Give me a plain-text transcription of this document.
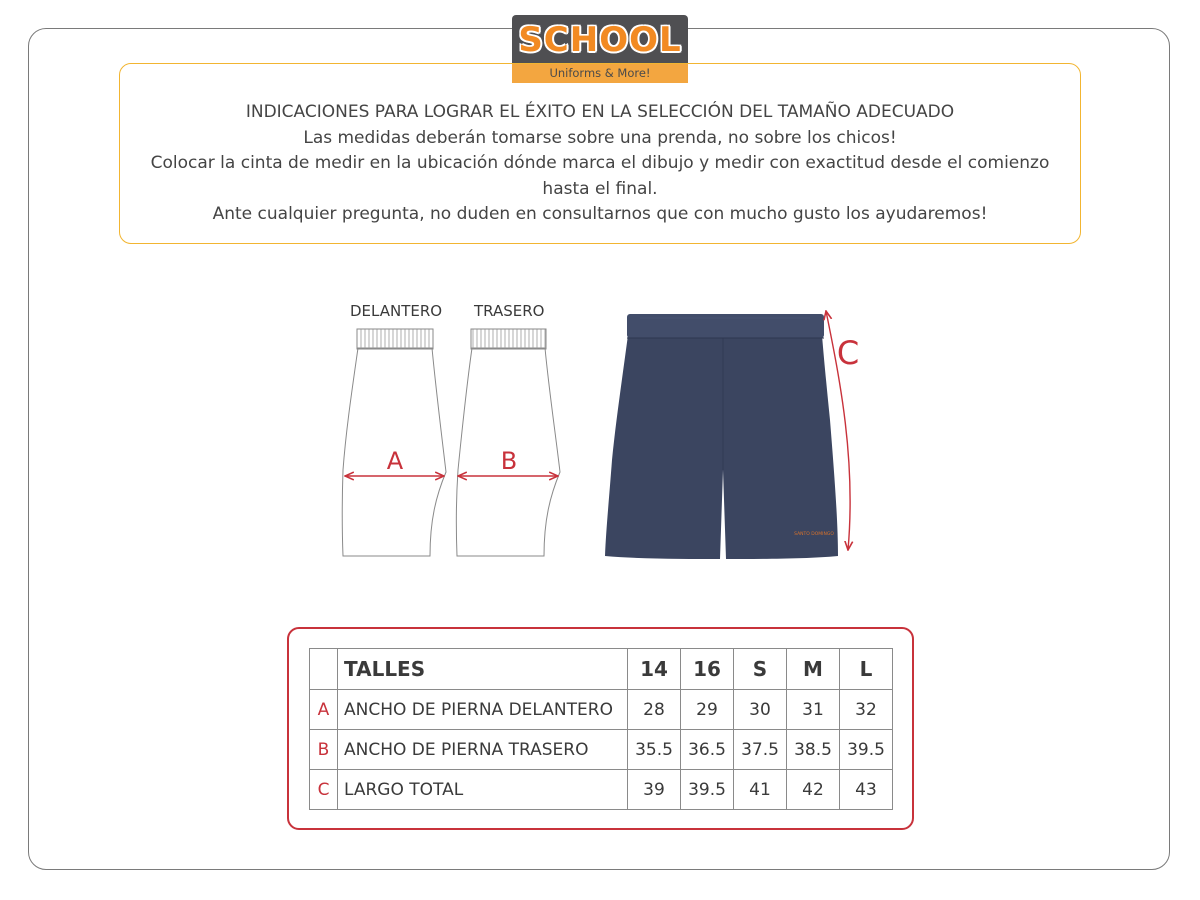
SCHOOL
Uniforms & More!

INDICACIONES PARA LOGRAR EL ÉXITO EN LA SELECCIÓN DEL TAMAÑO ADECUADO

Las medidas deberán tomarse sobre una prenda, no sobre los chicos!

Colocar la cinta de medir en la ubicación dónde marca el dibujo y medir con exactitud desde el comienzo

hasta el final.

Ante cualquier pregunta, no duden en consultarnos que con mucho gusto los ayudaremos!

DELANTERO TRASERO
A	B
SANTO DOMINGO
C
	TALLES	14	16	S	M	L
A	ANCHO DE PIERNA DELANTERO	28	29	30	31	32
B	ANCHO DE PIERNA TRASERO	35.5	36.5	37.5	38.5	39.5
C	LARGO TOTAL	39	39.5	41	42	43
